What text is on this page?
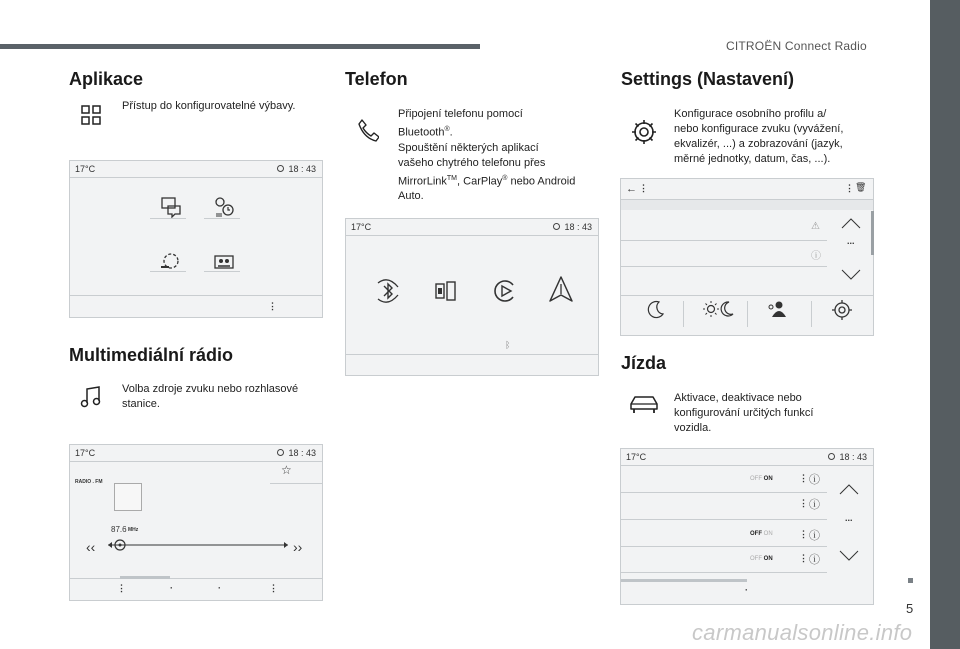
CITROËN Connect Radio
5
carmanualsonline.info
Aplikace
Přístup do konfigurovatelné výbavy.
17°C	18 : 43
⋮
Multimediální rádio
Volba zdroje zvuku nebo rozhlasové
stanice.
17°C	18 : 43
☆
RADIO . FM
87.6 MHz
‹‹	››
⋮	·	·	⋮
Telefon
Připojení telefonu pomocí
Bluetooth®.
Spouštění některých aplikací
vašeho chytrého telefonu přes
MirrorLink™, CarPlay® nebo Android
Auto.
17°C	18 : 43
ᛒ
Settings (Nastavení)
Konfigurace osobního profilu a/
nebo konfigurace zvuku (vyvážení,
ekvalizér, ...) a zobrazování (jazyk,
měrné jednotky, datum, čas, ...).
← ⋮	⋮ 🗑
⚠
ⓘ
...
Jízda
Aktivace, deaktivace nebo
konfigurování určitých funkcí
vozidla.
17°C	18 : 43
OFF ON	⋮ ⓘ
⋮ ⓘ
OFF ON	⋮ ⓘ
OFF ON	⋮ ⓘ
...
·
